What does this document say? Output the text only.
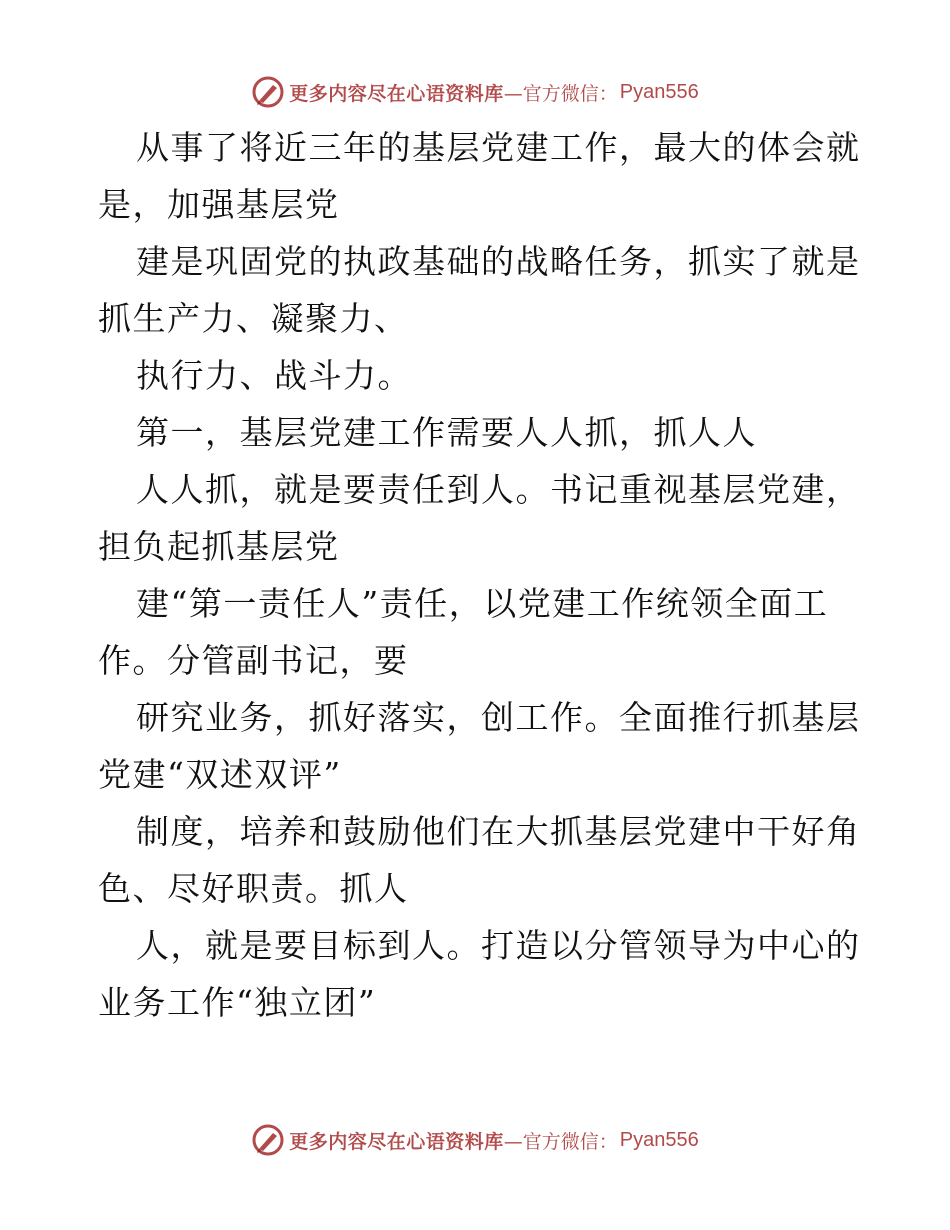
更多内容尽在心语资料库 —官方微信： Pyan556
从事了将近三年的基层党建工作，最大的体会就
是，加强基层党
建是巩固党的执政基础的战略任务，抓实了就是
抓生产力、凝聚力、
执行力、战斗力。
第一，基层党建工作需要人人抓，抓人人
人人抓，就是要责任到人。书记重视基层党建，
担负起抓基层党
建“第一责任人”责任，以党建工作统领全面工
作。分管副书记，要
研究业务，抓好落实，创工作。全面推行抓基层
党建“双述双评”
制度，培养和鼓励他们在大抓基层党建中干好角
色、尽好职责。抓人
人，就是要目标到人。打造以分管领导为中心的
业务工作“独立团”
更多内容尽在心语资料库 —官方微信： Pyan556
